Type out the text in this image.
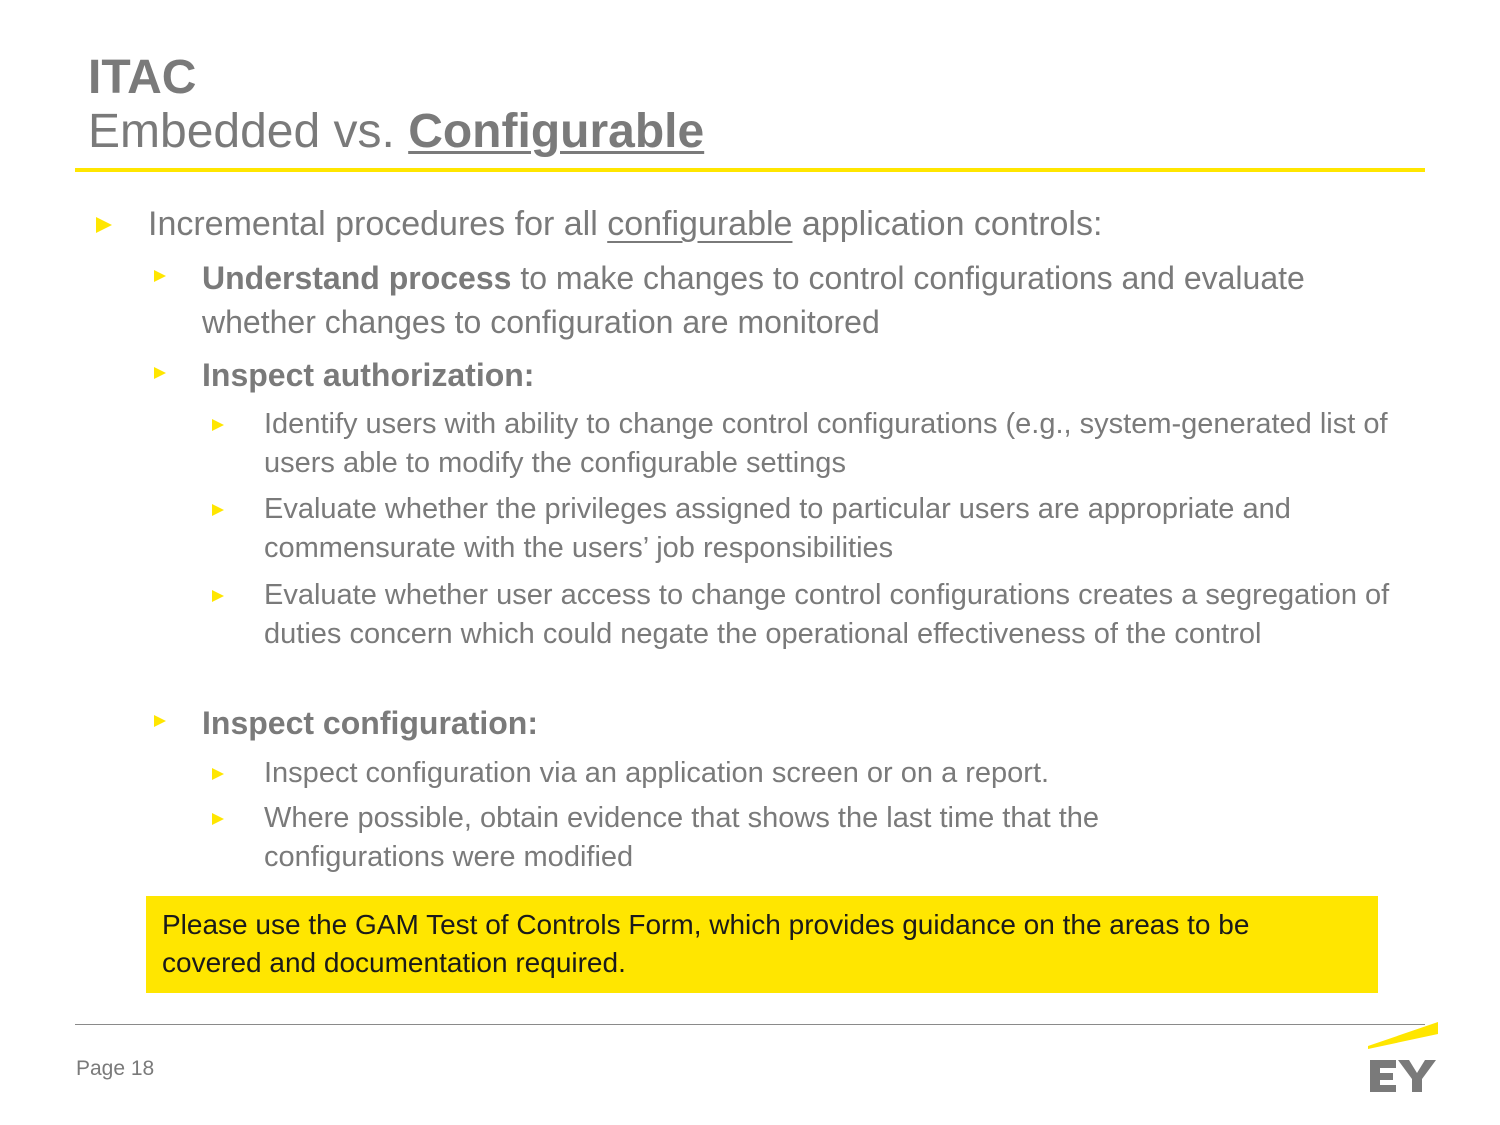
ITAC
Embedded vs. Configurable
Incremental procedures for all configurable application controls:
Understand process to make changes to control configurations and evaluate whether changes to configuration are monitored
Inspect authorization:
Identify users with ability to change control configurations (e.g., system-generated list of users able to modify the configurable settings
Evaluate whether the privileges assigned to particular users are appropriate and commensurate with the users’ job responsibilities
Evaluate whether user access to change control configurations creates a segregation of duties concern which could negate the operational effectiveness of the control
Inspect configuration:
Inspect configuration via an application screen or on a report.
Where possible, obtain evidence that shows the last time that the configurations were modified
Please use the GAM Test of Controls Form, which provides guidance on the areas to be covered and documentation required.
Page 18
